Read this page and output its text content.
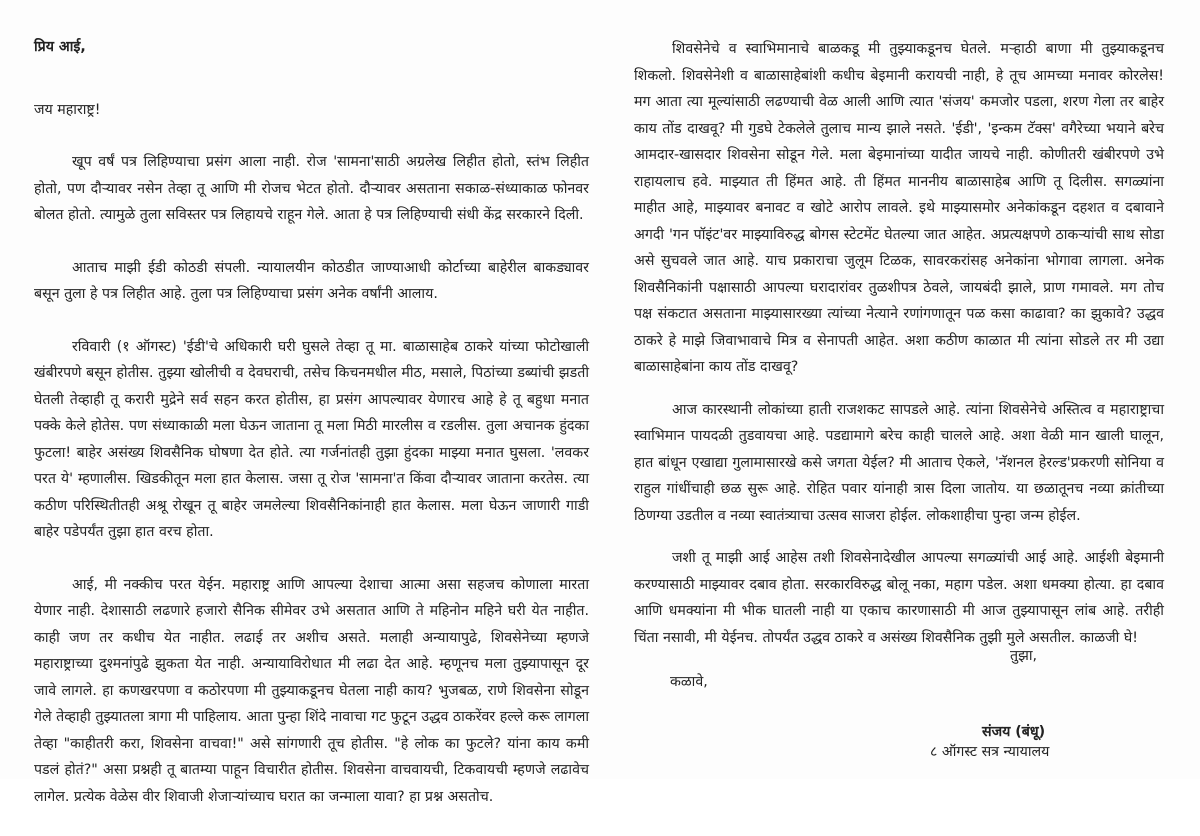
प्रिय आई,
जय महाराष्ट्र!

खूप वर्षं पत्र लिहिण्याचा प्रसंग आला नाही. रोज 'सामना'साठी अग्रलेख लिहीत होतो, स्तंभ लिहीत होतो, पण दौऱ्यावर नसेन तेव्हा तू आणि मी रोजच भेटत होतो. दौऱ्यावर असताना सकाळ-संध्याकाळ फोनवर बोलत होतो. त्यामुळे तुला सविस्तर पत्र लिहायचे राहून गेले. आता हे पत्र लिहिण्याची संधी केंद्र सरकारने दिली.

आताच माझी ईडी कोठडी संपली. न्यायालयीन कोठडीत जाण्याआधी कोर्टाच्या बाहेरील बाकड्यावर बसून तुला हे पत्र लिहीत आहे. तुला पत्र लिहिण्याचा प्रसंग अनेक वर्षांनी आलाय.

रविवारी (१ ऑगस्ट) 'ईडी'चे अधिकारी घरी घुसले तेव्हा तू मा. बाळासाहेब ठाकरे यांच्या फोटोखाली खंबीरपणे बसून होतीस. तुझ्या खोलीची व देवघराची, तसेच किचनमधील मीठ, मसाले, पिठांच्या डब्यांची झडती घेतली तेव्हाही तू करारी मुद्रेने सर्व सहन करत होतीस, हा प्रसंग आपल्यावर येणारच आहे हे तू बहुधा मनात पक्के केले होतेस. पण संध्याकाळी मला घेऊन जाताना तू मला मिठी मारलीस व रडलीस. तुला अचानक हुंदका फुटला! बाहेर असंख्य शिवसैनिक घोषणा देत होते. त्या गर्जनांतही तुझा हुंदका माझ्या मनात घुसला. 'लवकर परत ये' म्हणालीस. खिडकीतून मला हात केलास. जसा तू रोज 'सामना'त किंवा दौऱ्यावर जाताना करतेस. त्या कठीण परिस्थितीतही अश्रू रोखून तू बाहेर जमलेल्या शिवसैनिकांनाही हात केलास. मला घेऊन जाणारी गाडी बाहेर पडेपर्यंत तुझा हात वरच होता.

आई, मी नक्कीच परत येईन. महाराष्ट्र आणि आपल्या देशाचा आत्मा असा सहजच कोणाला मारता येणार नाही. देशासाठी लढणारे हजारो सैनिक सीमेवर उभे असतात आणि ते महिनोन महिने घरी येत नाहीत. काही जण तर कधीच येत नाहीत. लढाई तर अशीच असते. मलाही अन्यायापुढे, शिवसेनेच्या म्हणजे महाराष्ट्राच्या दुश्मनांपुढे झुकता येत नाही. अन्यायाविरोधात मी लढा देत आहे. म्हणूनच मला तुझ्यापासून दूर जावे लागले. हा कणखरपणा व कठोरपणा मी तुझ्याकडूनच घेतला नाही काय? भुजबळ, राणे शिवसेना सोडून गेले तेव्हाही तुझ्यातला त्रागा मी पाहिलाय. आता पुन्हा शिंदे नावाचा गट फुटून उद्धव ठाकरेंवर हल्ले करू लागला तेव्हा "काहीतरी करा, शिवसेना वाचवा!" असे सांगणारी तूच होतीस. "हे लोक का फुटले? यांना काय कमी पडलं होतं?" असा प्रश्नही तू बातम्या पाहून विचारीत होतीस. शिवसेना वाचवायची, टिकवायची म्हणजे लढावेच लागेल. प्रत्येक वेळेस वीर शिवाजी शेजाऱ्यांच्याच घरात का जन्माला यावा? हा प्रश्न असतोच.

शिवसेनेचे व स्वाभिमानाचे बाळकडू मी तुझ्याकडूनच घेतले. मऱ्हाठी बाणा मी तुझ्याकडूनच शिकलो. शिवसेनेशी व बाळासाहेबांशी कधीच बेइमानी करायची नाही, हे तूच आमच्या मनावर कोरलेस! मग आता त्या मूल्यांसाठी लढण्याची वेळ आली आणि त्यात 'संजय' कमजोर पडला, शरण गेला तर बाहेर काय तोंड दाखवू? मी गुडघे टेकलेले तुलाच मान्य झाले नसते. 'ईडी', 'इन्कम टॅक्स' वगैरेच्या भयाने बरेच आमदार-खासदार शिवसेना सोडून गेले. मला बेइमानांच्या यादीत जायचे नाही. कोणीतरी खंबीरपणे उभे राहायलाच हवे. माझ्यात ती हिंमत आहे. ती हिंमत माननीय बाळासाहेब आणि तू दिलीस. सगळ्यांना माहीत आहे, माझ्यावर बनावट व खोटे आरोप लावले. इथे माझ्यासमोर अनेकांकडून दहशत व दबावाने अगदी 'गन पॉइंट'वर माझ्याविरुद्ध बोगस स्टेटमेंट घेतल्या जात आहेत. अप्रत्यक्षपणे ठाकऱ्यांची साथ सोडा असे सुचवले जात आहे. याच प्रकाराचा जुलूम टिळक, सावरकरांसह अनेकांना भोगावा लागला. अनेक शिवसैनिकांनी पक्षासाठी आपल्या घरादारांवर तुळशीपत्र ठेवले, जायबंदी झाले, प्राण गमावले. मग तोच पक्ष संकटात असताना माझ्यासारख्या त्यांच्या नेत्याने रणांगणातून पळ कसा काढावा? का झुकावे? उद्धव ठाकरे हे माझे जिवाभावाचे मित्र व सेनापती आहेत. अशा कठीण काळात मी त्यांना सोडले तर मी उद्या बाळासाहेबांना काय तोंड दाखवू?

आज कारस्थानी लोकांच्या हाती राजशकट सापडले आहे. त्यांना शिवसेनेचे अस्तित्व व महाराष्ट्राचा स्वाभिमान पायदळी तुडवायचा आहे. पडद्यामागे बरेच काही चालले आहे. अशा वेळी मान खाली घालून, हात बांधून एखाद्या गुलामासारखे कसे जगता येईल? मी आताच ऐकले, 'नॅशनल हेरल्ड'प्रकरणी सोनिया व राहुल गांधींचाही छळ सुरू आहे. रोहित पवार यांनाही त्रास दिला जातोय. या छळातूनच नव्या क्रांतीच्या ठिणग्या उडतील व नव्या स्वातंत्र्याचा उत्सव साजरा होईल. लोकशाहीचा पुन्हा जन्म होईल.

जशी तू माझी आई आहेस तशी शिवसेनादेखील आपल्या सगळ्यांची आई आहे. आईशी बेइमानी करण्यासाठी माझ्यावर दबाव होता. सरकारविरुद्ध बोलू नका, महाग पडेल. अशा धमक्या होत्या. हा दबाव आणि धमक्यांना मी भीक घातली नाही या एकाच कारणासाठी मी आज तुझ्यापासून लांब आहे. तरीही चिंता नसावी, मी येईनच. तोपर्यंत उद्धव ठाकरे व असंख्य शिवसैनिक तुझी मुले असतील. काळजी घे!

कळावे,
तुझा,
संजय (बंधू)
८ ऑगस्ट सत्र न्यायालय
